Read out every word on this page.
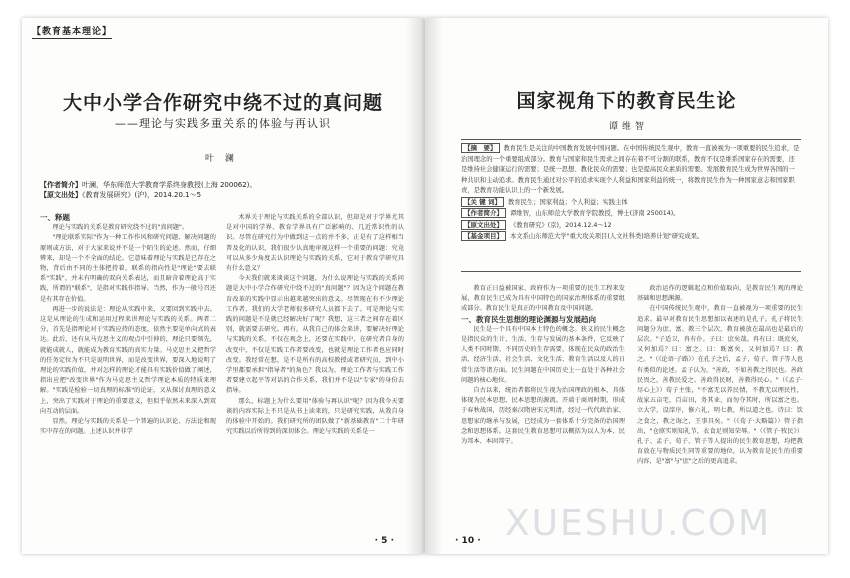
【教育基本理论】
大中小学合作研究中绕不过的真问题
——理论与实践多重关系的体验与再认识
叶 澜
【作者简介】叶澜，华东师范大学教育学系终身教授(上海 200062)。
【原文出处】《教育发展研究》(沪)，2014.20.1～5

一、释题

理论与实践的关系是教育研究绕不过的"真问题"。

"理论联系实际"作为一种工作作风和研究问题、解决问题的原则或方法，对于大家来说并不是一个陌生的论述。然而，仔细辨来，却是一个不全面的结论。它意味着理论与实践是已存在之物，背后由不同的主体把持着，联系的指向性是"理论"要去联系"实践"，并未有明确的双向关系表达，而且暗含着理论高于实践，所谓的"联系"，是指对实践作指导。当然，作为一般号召还是有其存在价值。

再进一步的说法是：理论从实践中来，又要回到实践中去。这是从理论的生成和运用过程来讲理论与实践的关系。两者二分，首先是指理论对于实践应持的态度，依然主要是单向式的表达。此后，还有从马克思主义的观点中引伸的，理论只要领先，就能成就人，就能成为教育实践的真实力量。马克思主义把哲学的任务定位为不只是说明世界，而是改变世界，要深入地说明了理论的实践价值，并对怎样的理论才能具有实践价值做了阐述，指出应把"改变世界"作为马克思主义哲学理论本质的特质来理解。"实践是检验一切真理的标准"的论证，又从探讨真理的意义上，突出了实践对于理论的重要意义，但似乎依然未来深入到双向互动的层面。

显然，理论与实践的关系是一个普遍的认识论、方法论和现实中存在的问题。上述认识并非学

术界关于理论与实践关系的全部认识，但却是对于学界尤其是对中国的学界、教育学界具有广泛影响的、几近常识性的认识。尽管在研究行为中做到这一点的并不多，正是有了这样相当普及化的认识，我们很少认真地审视这样一个重要的问题：究竟可以从多少角度去认识理论与实践的关系，它对于教育学研究具有什么意义？

今天我们就来谈谈这个问题，为什么说理论与实践的关系问题是大中小学合作研究中绕不过的"真问题"？因为这个问题在教育改革的实践中显示出越来越突出的意义。尽管现在有不少理论工作者，我们的大学老师很多研究人员都下去了。可是理论与实践的问题是不是就已经解决好了呢？我想，这三者之间存在着区别，就需要去研究。再有，从我自己的体会来讲，要解决好理论与实践的关系，不仅在观念上，还要在实践中、在研究者自身的改变中，不仅是实践工作者要改变，也就是理论工作者也应同时改变。我经常在想，是不是所有的高校教授或者研究员，到中小学里都要承担"指导者"的角色？我以为，理论工作者与实践工作者要建立起平等对话的合作关系，我们并不是以"专家"的身份去指导。

那么，标题上为什么要用"体验与再认识"呢？因为我今天要谈的内容实际上不只是从书上读来的，只是研究实践，从我自身的体验中开始的。我们研究所的团队做了"新基础教育"二十年研究实践以后所得到的深切体会。理论与实践的关系是一

· 5 ·
国家视角下的教育民生论
谭维智
【摘　要】 教育民生是关注的中国教育发展中国问题。在中国传统民生观中，教育一直被视为一项重要的民生追求，是治国理念的一个重要组成部分。教育与国家和民生需求之间存在着不可分割的联系，教育不仅是维系国家存在的需要，还是维持社会健康运行的需要；是统一思想、教化民众的需要；也是提高民众素质的需要。发展教育民生成为世界各国的一种共识和主动追求。教育民生通过对公平的追求实现个人利益和国家利益的统一，将教育民生作为一种国家意志和国家职责，是教育功能认识上的一个新发展。
【关 键 词】 教育民生；国家利益；个人利益；实践主体
【作者简介】 谭维智，山东师范大学教育学院教授，博士(济南 250014)。
【原文出处】 《教育研究》(京)，2014.12.4～12
【基金项目】 本文系山东师范大学"重大攻关项目(人文社科类)培养计划"研究成果。

教育正日益被国家、政府作为一项重要的民生工程来发展，教育民生已成为具有中国特色的国家治理体系的重要组成部分。教育民生是真正的中国教育及中国问题。

一、教育民生思想的理论渊源与发展趋向

民生是一个具有中国本土特色的概念。狭义的民生概念是指民众的生计、生活、生存与发展的基本条件，它反映了人类不同时期、不同历史的生存需要，体现在民众的政治生活、经济生活、社会生活、文化生活、教育生活以及人的日常生活等诸方面。民生问题在中国历史上一直处于各种社会问题的核心地位。

自古以来，统治者都将民生视为治国理政的根本，具体体现为民本思想，民本思想的源流。开端于商周时期，形成于春秋战国，历经秦汉隋唐宋元明清，经过一代代政治家、思想家的继承与发展，已经成为一套体系十分完备的治国理念和思想体系。这套民生教育思想可以概括为以人为本、民为邦本、本固邦宁。

政治运作的逻辑起点和价值取向，是教育民生观的理论基础和思想渊源。

在中国传统民生观中，教育一直被视为一项重要的民生追求。最早对教育民生思想加以表述的是孔子。孔子将民生问题分为庶、富、教三个层次，教育被放在最高也是最后的层次。"子适卫，冉有仆。子曰：庶矣哉。冉有曰：既庶矣，又何加焉？曰：富之。曰：既富矣，又何加焉？曰：教之。"（《论语·子路》）在孔子之后，孟子、荀子、管子等人也有类似的论述。孟子认为，"善政，不如善教之得民也。善政民畏之，善教民爱之。善政得民财，善教得民心。"（《孟子·尽心上》）荀子主张，"不富无以养民情，不教无以理民性，故家五亩宅，百亩田，务其业，而勿夺其时，所以富之也。立大学，设庠序，修六礼，明七教，所以道之也。诗曰：饮之食之，教之诲之，王事具矣。"（《荀子·大略篇》）管子指出，"仓廪实则知礼节，衣食足则知荣辱。"（《管子·牧民》）孔子、孟子、荀子、管子等人提出的民生教育思想，均把教育放在与物质民生同等重要的地位，认为教育是民生的重要内容，是"富"与"庶"之后的更高追求。

· 10 · XUESHU.COM
